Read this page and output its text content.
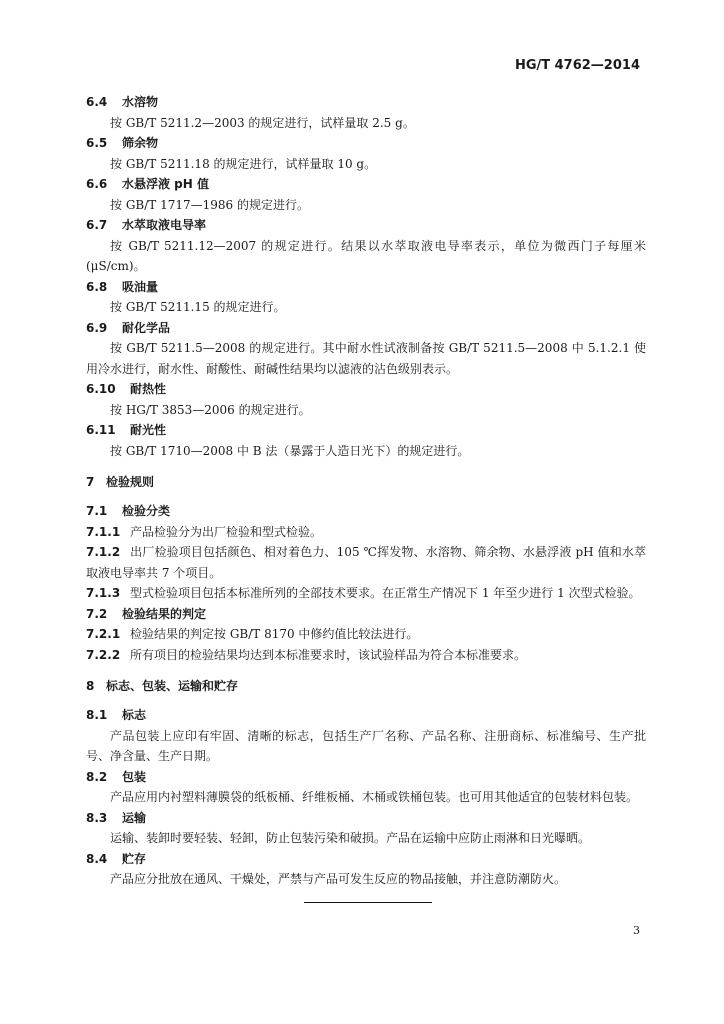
HG/T 4762—2014
6.4 水溶物
按 GB/T 5211.2—2003 的规定进行，试样量取 2.5 g。
6.5 筛余物
按 GB/T 5211.18 的规定进行，试样量取 10 g。
6.6 水悬浮液 pH 值
按 GB/T 1717—1986 的规定进行。
6.7 水萃取液电导率
按 GB/T 5211.12—2007 的规定进行。结果以水萃取液电导率表示，单位为微西门子每厘米(μS/cm)。
6.8 吸油量
按 GB/T 5211.15 的规定进行。
6.9 耐化学品
按 GB/T 5211.5—2008 的规定进行。其中耐水性试液制备按 GB/T 5211.5—2008 中 5.1.2.1 使用冷水进行，耐水性、耐酸性、耐碱性结果均以滤液的沾色级别表示。
6.10 耐热性
按 HG/T 3853—2006 的规定进行。
6.11 耐光性
按 GB/T 1710—2008 中 B 法（暴露于人造日光下）的规定进行。
7 检验规则
7.1 检验分类
7.1.1 产品检验分为出厂检验和型式检验。
7.1.2 出厂检验项目包括颜色、相对着色力、105 ℃挥发物、水溶物、筛余物、水悬浮液 pH 值和水萃取液电导率共 7 个项目。
7.1.3 型式检验项目包括本标准所列的全部技术要求。在正常生产情况下 1 年至少进行 1 次型式检验。
7.2 检验结果的判定
7.2.1 检验结果的判定按 GB/T 8170 中修约值比较法进行。
7.2.2 所有项目的检验结果均达到本标准要求时，该试验样品为符合本标准要求。
8 标志、包装、运输和贮存
8.1 标志
产品包装上应印有牢固、清晰的标志，包括生产厂名称、产品名称、注册商标、标准编号、生产批号、净含量、生产日期。
8.2 包装
产品应用内衬塑料薄膜袋的纸板桶、纤维板桶、木桶或铁桶包装。也可用其他适宜的包装材料包装。
8.3 运输
运输、装卸时要轻装、轻卸，防止包装污染和破损。产品在运输中应防止雨淋和日光曝晒。
8.4 贮存
产品应分批放在通风、干燥处，严禁与产品可发生反应的物品接触，并注意防潮防火。
3
